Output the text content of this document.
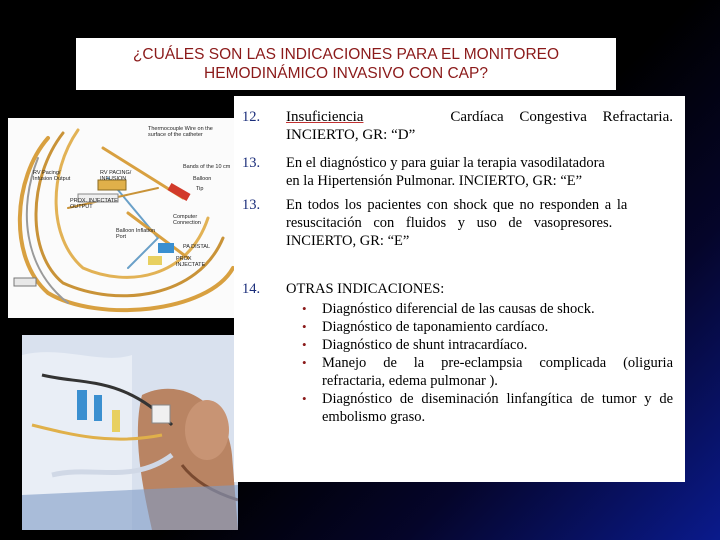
¿CUÁLES SON LAS INDICACIONES PARA EL MONITOREO
HEMODINÁMICO INVASIVO CON CAP?
Thermocouple Wire on the surface of the catheter
Bands of the 10 cm
RV Pacing/ Infusion Output
RV PACING/ INFUSION	Balloon
Tip
PROX. INJECTATE OUTPUT
Computer Connection
Balloon Inflation Port
PA DISTAL
PROX INJECTATE
12. Insuficiencia	Cardíaca Congestiva Refractaria.
INCIERTO, GR: “D”
13. En el diagnóstico y para guiar la terapia vasodilatadora
en la Hipertensión Pulmonar. INCIERTO, GR: “E”
13. En todos los pacientes con shock que no responden a la
resuscitación con fluidos y uso de vasopresores.
INCIERTO, GR: “E”
14. OTRAS INDICACIONES:
• Diagnóstico diferencial de las causas de shock.
• Diagnóstico de taponamiento cardíaco.
• Diagnóstico de shunt intracardíaco.
• Manejo de la pre-eclampsia complicada (oliguria refractaria, edema pulmonar ).
• Diagnóstico de diseminación linfangítica de tumor y de embolismo graso.
